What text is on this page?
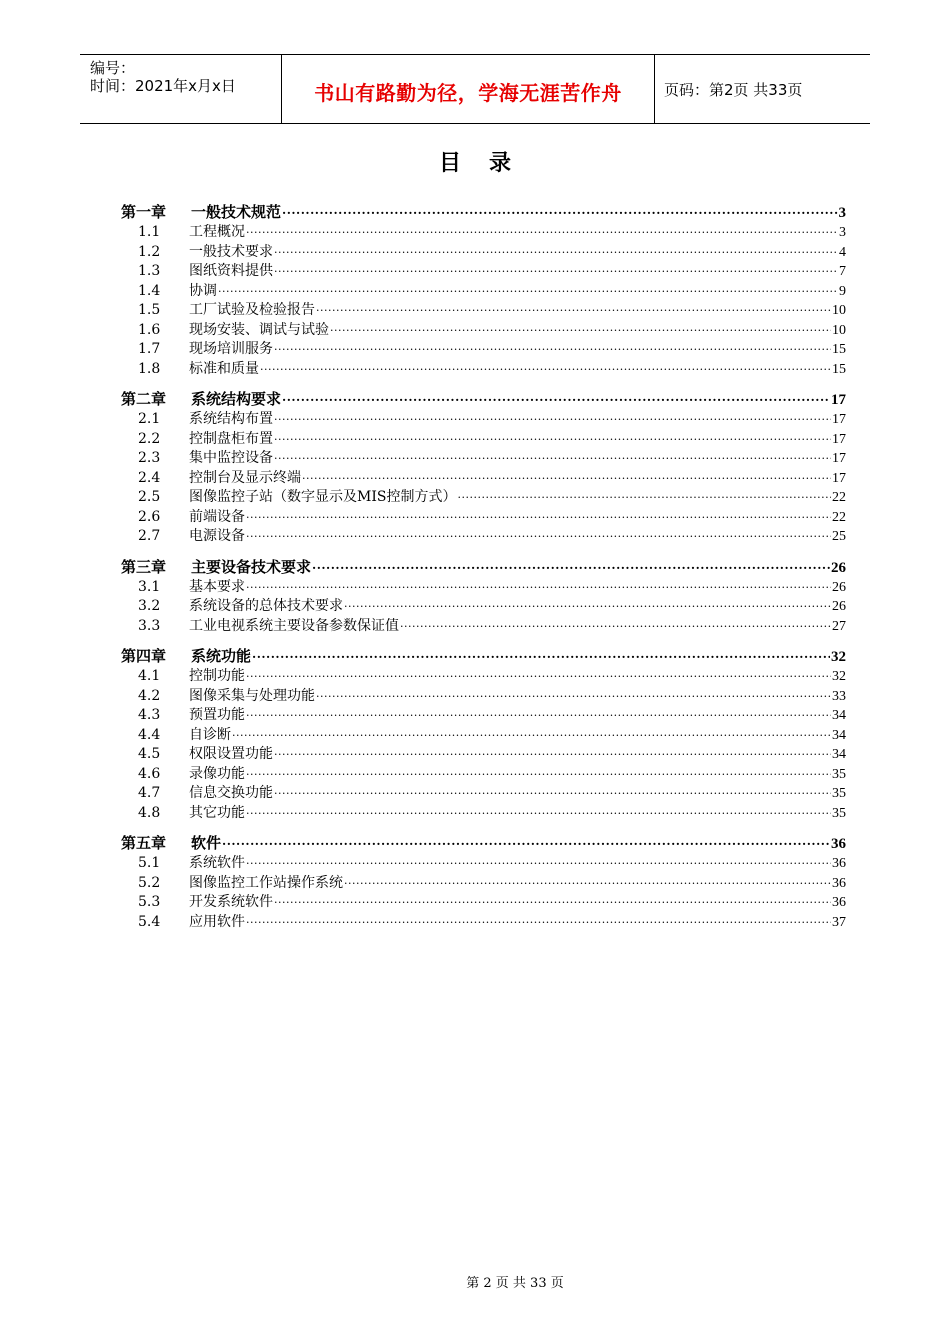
编号：
时间：2021年x月x日	书山有路勤为径，学海无涯苦作舟	页码：第2页 共33页
目录
第一章	一般技术规范 ·····	3
1.1	工程概况 ·····	3
1.2	一般技术要求 ·····	4
1.3	图纸资料提供 ·····	7
1.4	协调 ·····	9
1.5	工厂试验及检验报告 ·····	10
1.6	现场安装、调试与试验 ·····	10
1.7	现场培训服务 ·····	15
1.8	标准和质量 ·····	15
第二章	系统结构要求 ·····	17
2.1	系统结构布置 ·····	17
2.2	控制盘柜布置 ·····	17
2.3	集中监控设备 ·····	17
2.4	控制台及显示终端 ·····	17
2.5	图像监控子站（数字显示及MIS控制方式） ·····	22
2.6	前端设备 ·····	22
2.7	电源设备 ·····	25
第三章	主要设备技术要求 ·····	26
3.1	基本要求 ·····	26
3.2	系统设备的总体技术要求 ·····	26
3.3	工业电视系统主要设备参数保证值 ·····	27
第四章	系统功能 ·····	32
4.1	控制功能 ·····	32
4.2	图像采集与处理功能 ·····	33
4.3	预置功能 ·····	34
4.4	自诊断 ·····	34
4.5	权限设置功能 ·····	34
4.6	录像功能 ·····	35
4.7	信息交换功能 ·····	35
4.8	其它功能 ·····	35
第五章	软件 ·····	36
5.1	系统软件 ·····	36
5.2	图像监控工作站操作系统 ·····	36
5.3	开发系统软件 ·····	36
5.4	应用软件 ·····	37
第 2 页 共 33 页
